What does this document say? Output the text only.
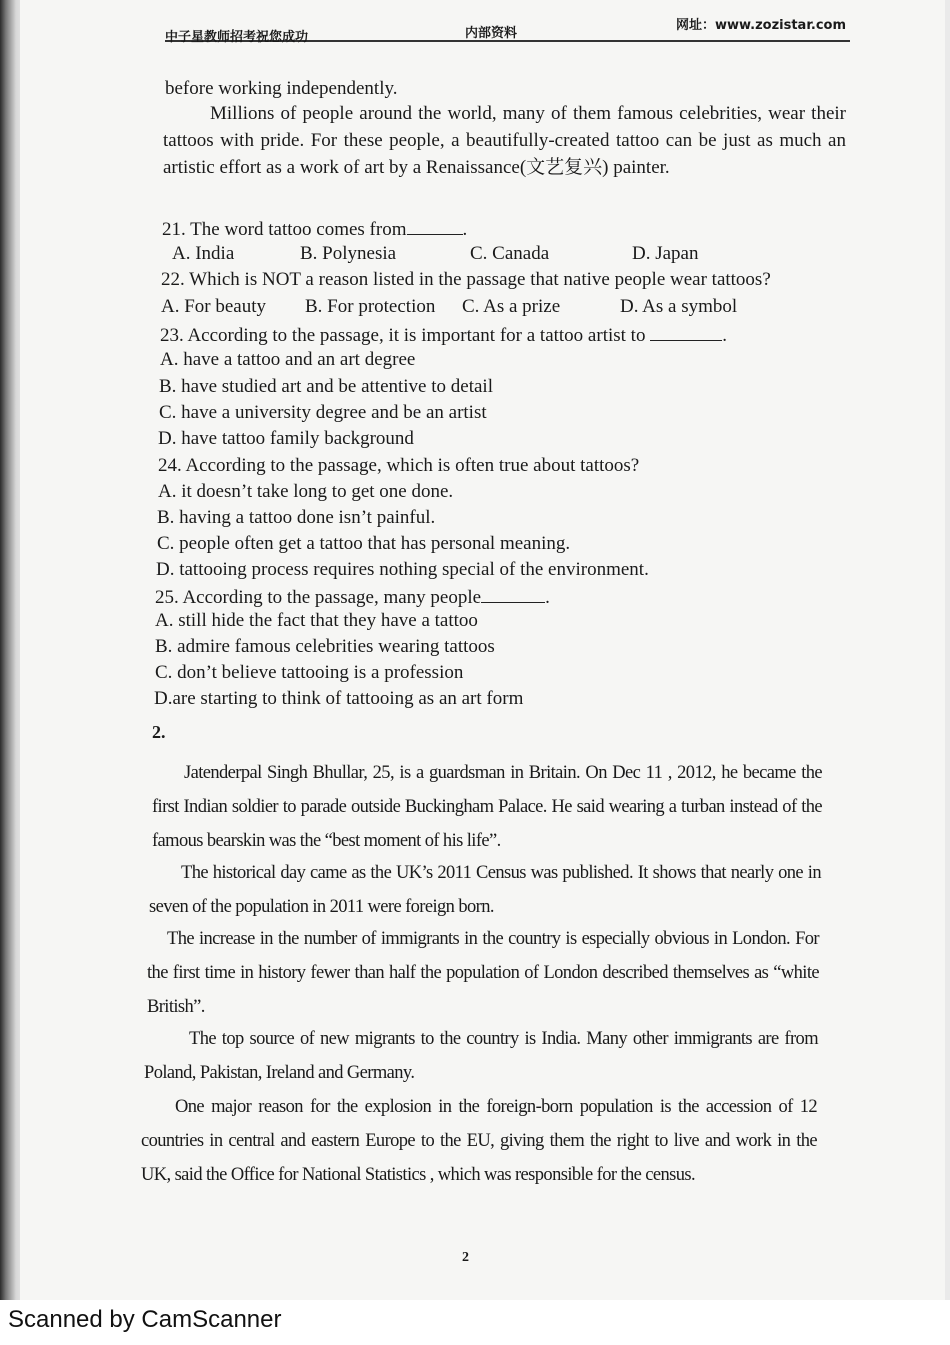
中子星教师招考祝您成功	内部资料
网址：www.zozistar.com
before working independently.
Millions of people around the world, many of them famous celebrities, wear their tattoos with pride. For these people, a beautifully-created tattoo can be just as much an artistic effort as a work of art by a Renaissance(文艺复兴) painter.
21. The word tattoo comes from	.
A. India	B. Polynesia	C. Canada	D. Japan
22. Which is NOT a reason listed in the passage that native people wear tattoos?
A. For beauty B. For protection C. As a prize	D. As a symbol
23. According to the passage, it is important for a tattoo artist to	.
A. have a tattoo and an art degree
B. have studied art and be attentive to detail
C. have a university degree and be an artist
D. have tattoo family background
24. According to the passage, which is often true about tattoos?
A. it doesn’t take long to get one done.
B. having a tattoo done isn’t painful.
C. people often get a tattoo that has personal meaning.
D. tattooing process requires nothing special of the environment.
25. According to the passage, many people	.
A. still hide the fact that they have a tattoo
B. admire famous celebrities wearing tattoos
C. don’t believe tattooing is a profession
D.are starting to think of tattooing as an art form
2.

Jatenderpal Singh Bhullar, 25, is a guardsman in Britain. On Dec 11 , 2012, he became the first Indian soldier to parade outside Buckingham Palace. He said wearing a turban instead of the famous bearskin was the “best moment of his life”.

The historical day came as the UK’s 2011 Census was published. It shows that nearly one in seven of the population in 2011 were foreign born.

The increase in the number of immigrants in the country is especially obvious in London. For the first time in history fewer than half the population of London described themselves as “white British”.

The top source of new migrants to the country is India. Many other immigrants are from Poland, Pakistan, Ireland and Germany.

One major reason for the explosion in the foreign-born population is the accession of 12 countries in central and eastern Europe to the EU, giving them the right to live and work in the UK, said the Office for National Statistics , which was responsible for the census.

2
Scanned by CamScanner
